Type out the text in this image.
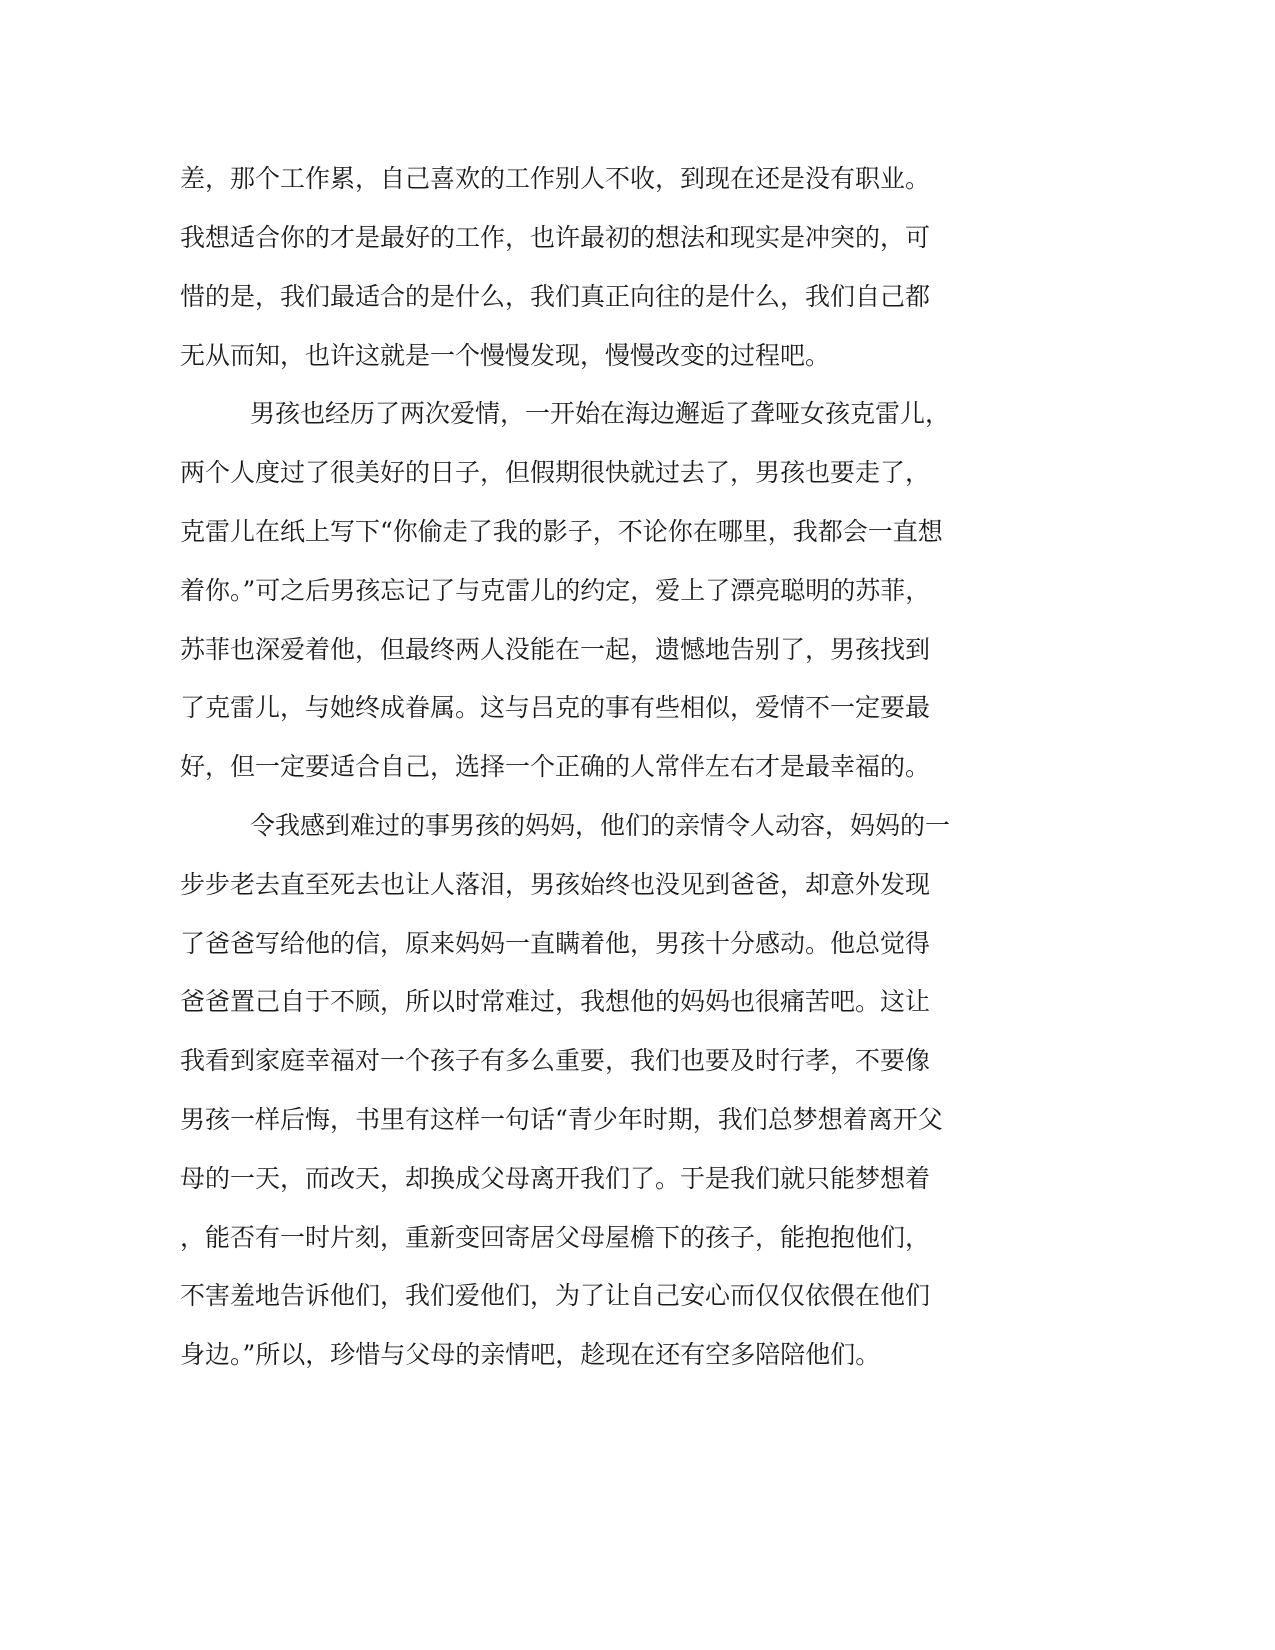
差，那个工作累，自己喜欢的工作别人不收，到现在还是没有职业。
我想适合你的才是最好的工作，也许最初的想法和现实是冲突的，可
惜的是，我们最适合的是什么，我们真正向往的是什么，我们自己都
无从而知，也许这就是一个慢慢发现，慢慢改变的过程吧。
男孩也经历了两次爱情，一开始在海边邂逅了聋哑女孩克雷儿，
两个人度过了很美好的日子，但假期很快就过去了，男孩也要走了，
克雷儿在纸上写下“你偷走了我的影子，不论你在哪里，我都会一直想
着你。”可之后男孩忘记了与克雷儿的约定，爱上了漂亮聪明的苏菲，
苏菲也深爱着他，但最终两人没能在一起，遗憾地告别了，男孩找到
了克雷儿，与她终成眷属。这与吕克的事有些相似，爱情不一定要最
好，但一定要适合自己，选择一个正确的人常伴左右才是最幸福的。
令我感到难过的事男孩的妈妈，他们的亲情令人动容，妈妈的一
步步老去直至死去也让人落泪，男孩始终也没见到爸爸，却意外发现
了爸爸写给他的信，原来妈妈一直瞒着他，男孩十分感动。他总觉得
爸爸置己自于不顾，所以时常难过，我想他的妈妈也很痛苦吧。这让
我看到家庭幸福对一个孩子有多么重要，我们也要及时行孝，不要像
男孩一样后悔，书里有这样一句话“青少年时期，我们总梦想着离开父
母的一天，而改天，却换成父母离开我们了。于是我们就只能梦想着
，能否有一时片刻，重新变回寄居父母屋檐下的孩子，能抱抱他们，
不害羞地告诉他们，我们爱他们，为了让自己安心而仅仅依偎在他们
身边。”所以，珍惜与父母的亲情吧，趁现在还有空多陪陪他们。
